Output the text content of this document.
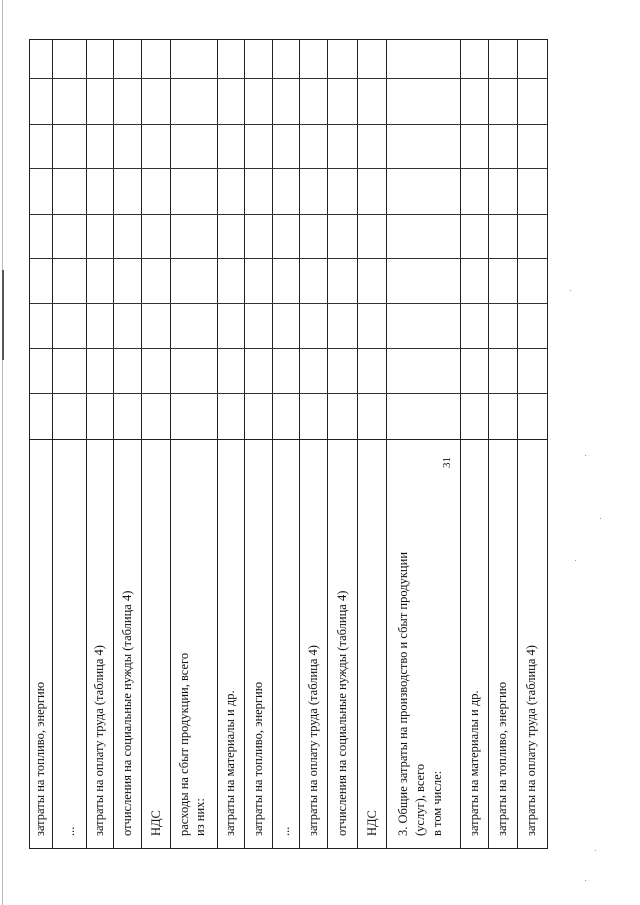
31
затраты на топливо, энергию ... затраты на оплату труда (таблица 4) отчисления на социальные нужды (таблица 4) НДС расходы на сбыт продукции, всего из них: затраты на материалы и др. затраты на топливо, энергию ... затраты на оплату труда (таблица 4) отчисления на социальные нужды (таблица 4) НДС 3. Общие затраты на производство и сбыт продукции (услуг), всего в том числе: затраты на материалы и др. затраты на топливо, энергию затраты на оплату труда (таблица 4)
